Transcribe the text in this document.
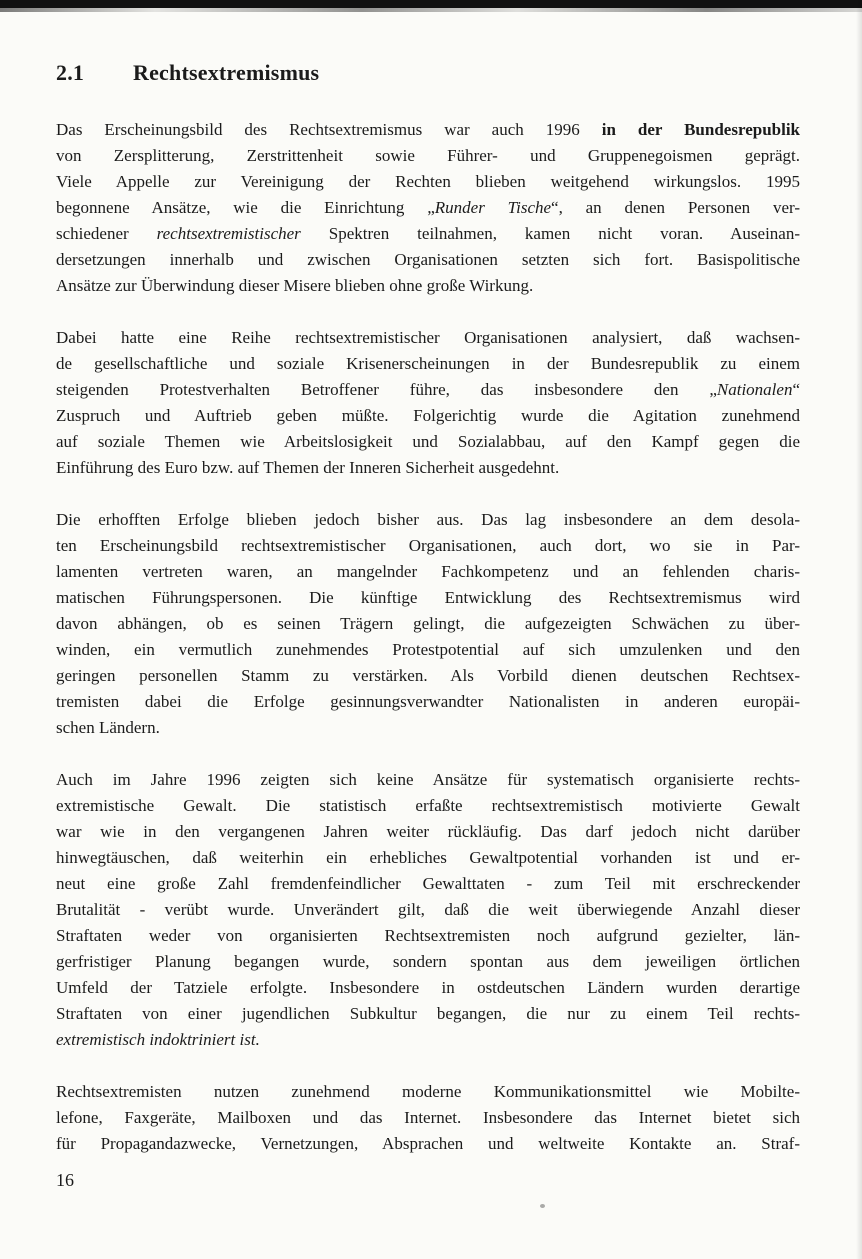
2.1 Rechtsextremismus
Das Erscheinungsbild des Rechtsextremismus war auch 1996 in der Bundesrepublik
von Zersplitterung, Zerstrittenheit sowie Führer- und Gruppenegoismen geprägt.
Viele Appelle zur Vereinigung der Rechten blieben weitgehend wirkungslos. 1995
begonnene Ansätze, wie die Einrichtung „Runder Tische“, an denen Personen ver-
schiedener rechtsextremistischer Spektren teilnahmen, kamen nicht voran. Auseinan-
dersetzungen innerhalb und zwischen Organisationen setzten sich fort. Basispolitische
Ansätze zur Überwindung dieser Misere blieben ohne große Wirkung.
Dabei hatte eine Reihe rechtsextremistischer Organisationen analysiert, daß wachsen-
de gesellschaftliche und soziale Krisenerscheinungen in der Bundesrepublik zu einem
steigenden Protestverhalten Betroffener führe, das insbesondere den „Nationalen“
Zuspruch und Auftrieb geben müßte. Folgerichtig wurde die Agitation zunehmend
auf soziale Themen wie Arbeitslosigkeit und Sozialabbau, auf den Kampf gegen die
Einführung des Euro bzw. auf Themen der Inneren Sicherheit ausgedehnt.
Die erhofften Erfolge blieben jedoch bisher aus. Das lag insbesondere an dem desola-
ten Erscheinungsbild rechtsextremistischer Organisationen, auch dort, wo sie in Par-
lamenten vertreten waren, an mangelnder Fachkompetenz und an fehlenden charis-
matischen Führungspersonen. Die künftige Entwicklung des Rechtsextremismus wird
davon abhängen, ob es seinen Trägern gelingt, die aufgezeigten Schwächen zu über-
winden, ein vermutlich zunehmendes Protestpotential auf sich umzulenken und den
geringen personellen Stamm zu verstärken. Als Vorbild dienen deutschen Rechtsex-
tremisten dabei die Erfolge gesinnungsverwandter Nationalisten in anderen europäi-
schen Ländern.
Auch im Jahre 1996 zeigten sich keine Ansätze für systematisch organisierte rechts-
extremistische Gewalt. Die statistisch erfaßte rechtsextremistisch motivierte Gewalt
war wie in den vergangenen Jahren weiter rückläufig. Das darf jedoch nicht darüber
hinwegtäuschen, daß weiterhin ein erhebliches Gewaltpotential vorhanden ist und er-
neut eine große Zahl fremdenfeindlicher Gewalttaten - zum Teil mit erschreckender
Brutalität - verübt wurde. Unverändert gilt, daß die weit überwiegende Anzahl dieser
Straftaten weder von organisierten Rechtsextremisten noch aufgrund gezielter, län-
gerfristiger Planung begangen wurde, sondern spontan aus dem jeweiligen örtlichen
Umfeld der Tatziele erfolgte. Insbesondere in ostdeutschen Ländern wurden derartige
Straftaten von einer jugendlichen Subkultur begangen, die nur zu einem Teil rechts-
extremistisch indoktriniert ist.
Rechtsextremisten nutzen zunehmend moderne Kommunikationsmittel wie Mobilte-
lefone, Faxgeräte, Mailboxen und das Internet. Insbesondere das Internet bietet sich
für Propagandazwecke, Vernetzungen, Absprachen und weltweite Kontakte an. Straf-
16
